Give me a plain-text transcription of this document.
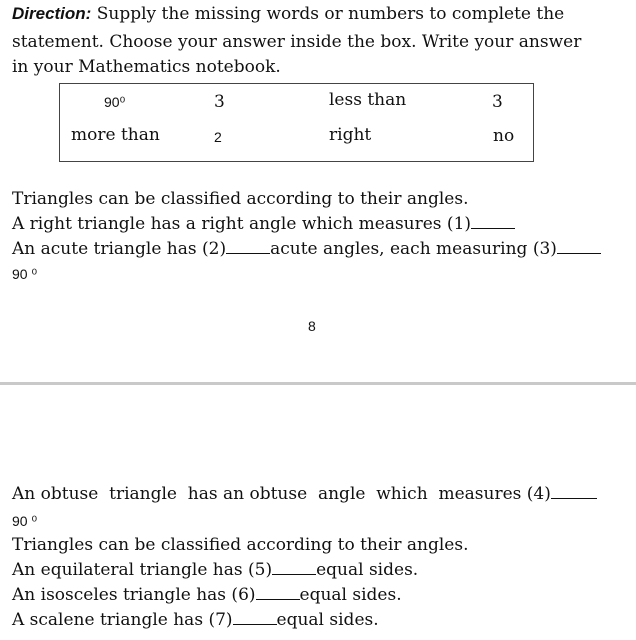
Direction: Supply the missing words or numbers to complete the
statement. Choose your answer inside the box. Write your answer
in your Mathematics notebook.
90⁰	3	less than	3
more than	2	right	no
Triangles can be classified according to their angles.
A right triangle has a right angle which measures (1)
An acute triangle has (2)	acute angles, each measuring (3)
90 ⁰
8
An obtuse  triangle  has an obtuse  angle  which  measures (4)
90 ⁰
Triangles can be classified according to their angles.
An equilateral triangle has (5)	equal sides.
An isosceles triangle has (6)	equal sides.
A scalene triangle has (7)	equal sides.
